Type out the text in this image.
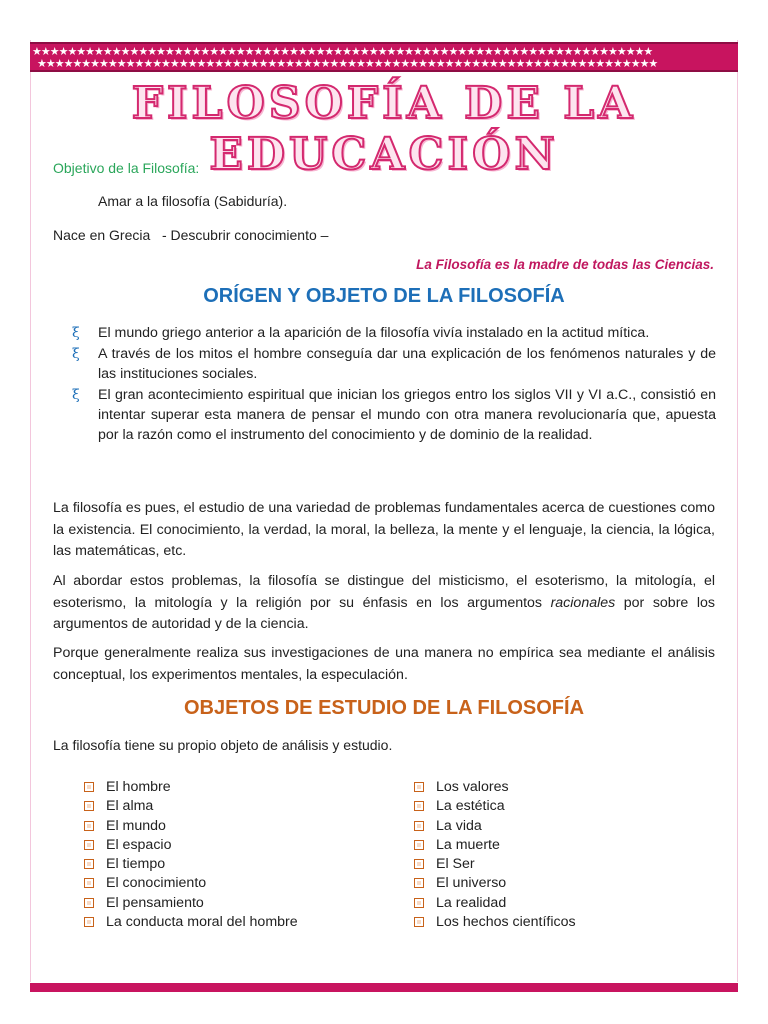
★★★★★★★★★★★★★★★★★★★★★★★★★★★★★★★★★★★★★★★★★★★★★★★★★★★★★★★★★★★★★★★★★★★★★★
★★★★★★★★★★★★★★★★★★★★★★★★★★★★★★★★★★★★★★★★★★★★★★★★★★★★★★★★★★★★★★★★★★★★★★
FILOSOFÍA DE LA EDUCACIÓN
Objetivo de la Filosofía:
Amar a la filosofía (Sabiduría).
Nace en Grecia   - Descubrir conocimiento –
La Filosofía es la madre de todas las Ciencias.
ORÍGEN Y OBJETO DE LA FILOSOFÍA
ξ El mundo griego anterior a la aparición de la filosofía vivía instalado en la actitud mítica.
ξ A través de los mitos el hombre conseguía dar una explicación de los fenómenos naturales y de las instituciones sociales.
ξ El gran acontecimiento espiritual que inician los griegos entro los siglos VII y VI a.C., consistió en intentar superar esta manera de pensar el mundo con otra manera revolucionaría que, apuesta por la razón como el instrumento del conocimiento y de dominio de la realidad.
La filosofía es pues, el estudio de una variedad de problemas fundamentales acerca de cuestiones como la existencia. El conocimiento, la verdad, la moral, la belleza, la mente y el lenguaje, la ciencia, la lógica, las matemáticas, etc.
Al abordar estos problemas, la filosofía se distingue del misticismo, el esoterismo, la mitología, el esoterismo, la mitología y la religión por su énfasis en los argumentos racionales por sobre los argumentos de autoridad y de la ciencia.
Porque generalmente realiza sus investigaciones de una manera no empírica sea mediante el análisis conceptual, los experimentos mentales, la especulación.
OBJETOS DE ESTUDIO DE LA FILOSOFÍA
La filosofía tiene su propio objeto de análisis y estudio.
El hombre
El alma
El mundo
El espacio
El tiempo
El conocimiento
El pensamiento
La conducta moral del hombre
Los valores
La estética
La vida
La muerte
El Ser
El universo
La realidad
Los hechos científicos
